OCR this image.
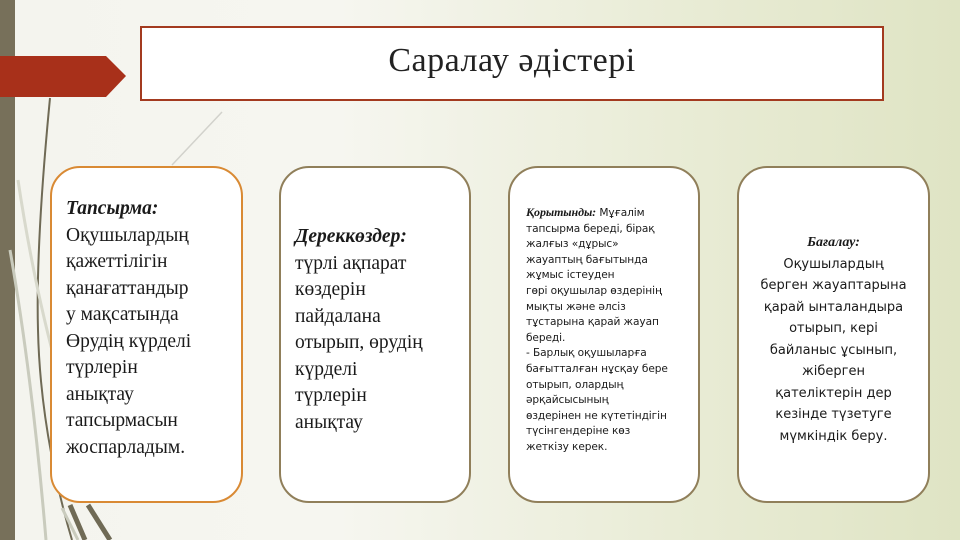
Саралау әдістері
Тапсырма:
Оқушылардың
қажеттілігін
қанағаттандыр
у мақсатында
Өрудің күрделі
түрлерін
анықтау
тапсырмасын
жоспарладым.
Дереккөздер:
түрлі ақпарат
көздерін
пайдалана
отырып, өрудің
күрделі
түрлерін
анықтау
Қорытынды: Мұғалім
тапсырма береді, бірақ
жалғыз «дұрыс»
жауаптың бағытында
жұмыс істеуден
гөрі оқушылар өздерінің
мықты және әлсіз
тұстарына қарай жауап
береді.
- Барлық оқушыларға
бағытталған нұсқау бере
отырып, олардың
әрқайсысының
өздерінен не күтетіндігін
түсінгендеріне көз
жеткізу керек.
Бағалау:
Оқушылардың
берген жауаптарына
қарай ынталандыра
отырып, кері
байланыс ұсынып,
жіберген
қателіктерін дер
кезінде түзетуге
мүмкіндік беру.
